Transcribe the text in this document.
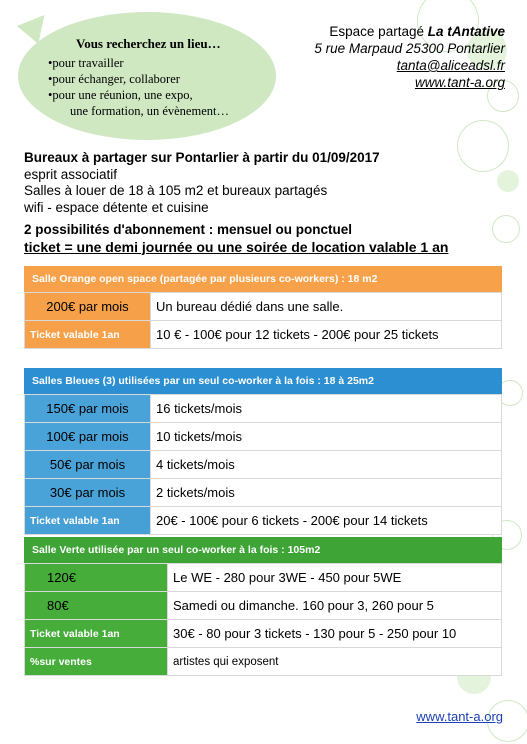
Vous recherchez un lieu…
•pour travailler
•pour échanger, collaborer
•pour une réunion, une expo,
une formation, un évènement…
Espace partagé La tAntative
5 rue Marpaud 25300 Pontarlier
tanta@aliceadsl.fr
www.tant-a.org
Bureaux à partager sur Pontarlier à partir du 01/09/2017
esprit associatif
Salles à louer de 18 à 105 m2 et bureaux partagés
wifi - espace détente et cuisine
2 possibilités d'abonnement : mensuel ou ponctuel
ticket = une demi journée ou une soirée de location valable 1 an
Salle Orange open space (partagée par plusieurs co-workers) : 18 m2
200€ par mois	Un bureau dédié dans une salle.
Ticket valable 1an	10 € - 100€ pour 12 tickets - 200€ pour 25 tickets
Salles Bleues (3) utilisées par un seul co-worker à la fois : 18 à 25m2
150€ par mois	16 tickets/mois
100€ par mois	10 tickets/mois
50€ par mois	4 tickets/mois
30€ par mois	2 tickets/mois
Ticket valable 1an	20€ - 100€ pour 6 tickets - 200€ pour 14 tickets
Salle Verte utilisée par un seul co-worker à la fois : 105m2
120€	Le WE - 280 pour 3WE - 450 pour 5WE
80€	Samedi ou dimanche. 160 pour 3, 260 pour 5
Ticket valable 1an	30€ - 80 pour 3 tickets - 130 pour 5 - 250 pour 10
%sur ventes	artistes qui exposent
www.tant-a.org
